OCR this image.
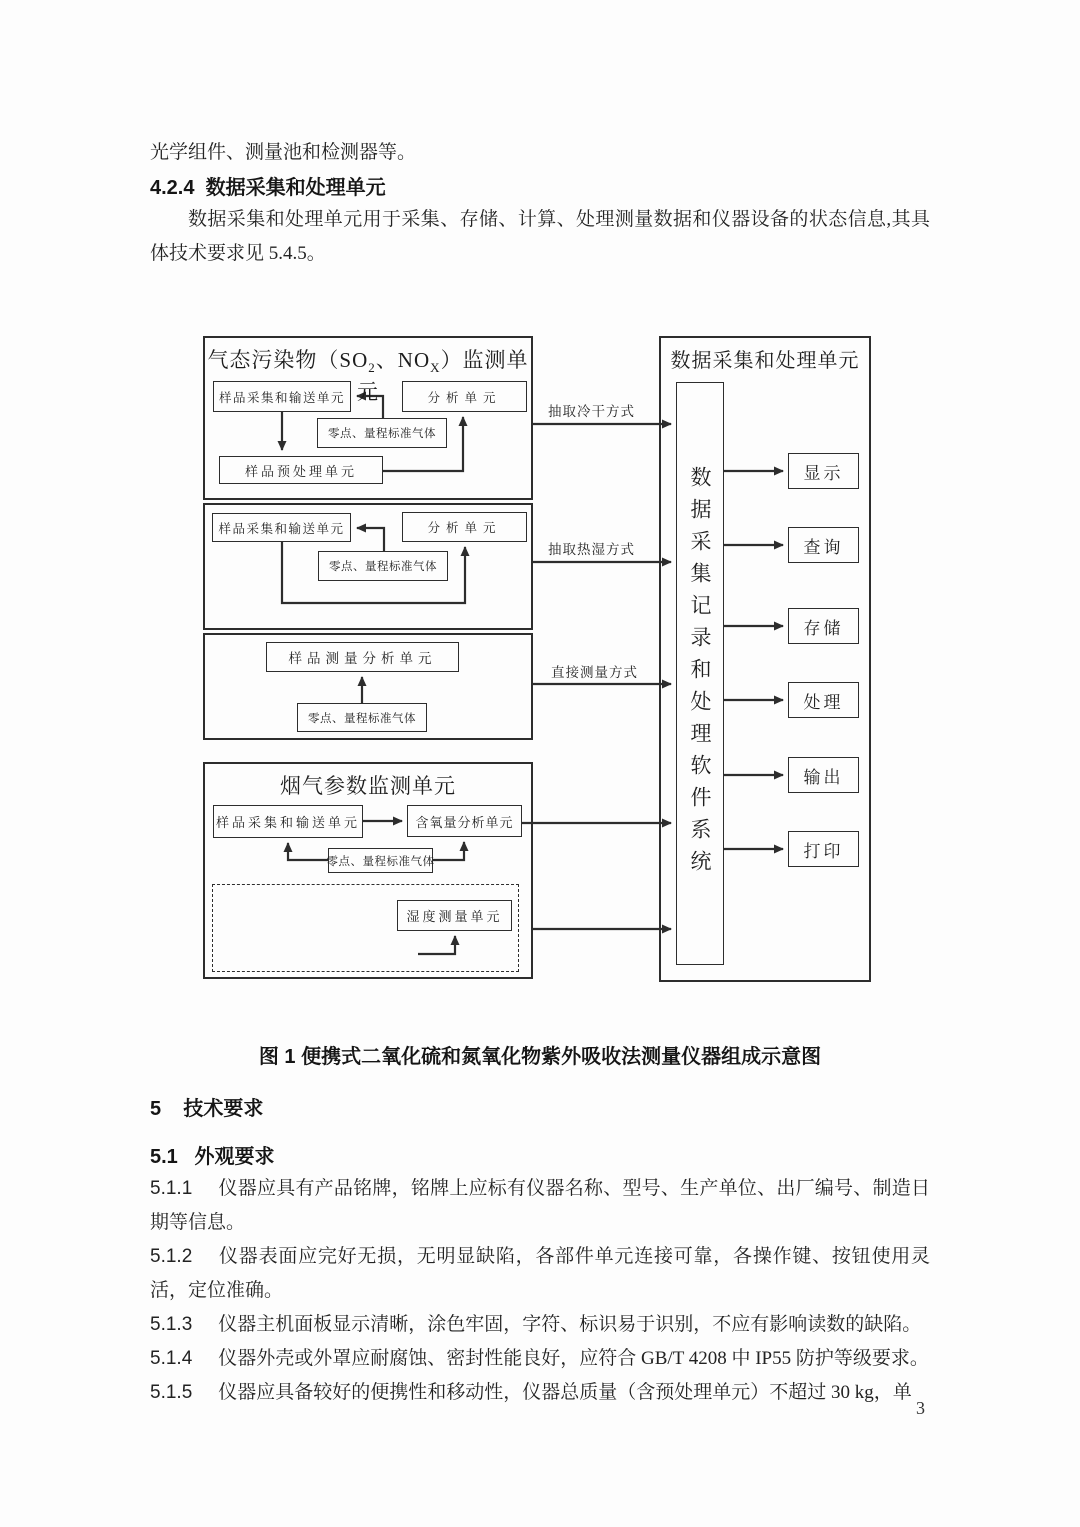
光学组件、测量池和检测器等。
4.2.4 数据采集和处理单元
数据采集和处理单元用于采集、存储、计算、处理测量数据和仪器设备的状态信息,其具体技术要求见 5.4.5。
气态污染物（$SO_2$、$NO_X$）监测单元
烟气参数监测单元
数据采集和处理单元
样品采集和输送单元	分析单元
零点、量程标准气体
样品预处理单元
样品采集和输送单元	分析单元
零点、量程标准气体
样品测量分析单元
零点、量程标准气体
样品采集和输送单元	含氧量分析单元
零点、量程标准气体
湿度测量单元
抽取冷干方式
抽取热湿方式
直接测量方式 数据采集记录和处理软件系统	显示
查询
存储
处理
输出
打印
图 1 便携式二氧化硫和氮氧化物紫外吸收法测量仪器组成示意图
5 技术要求
5.1 外观要求

5.1.1 仪器应具有产品铭牌，铭牌上应标有仪器名称、型号、生产单位、出厂编号、制造日期等信息。

5.1.2 仪器表面应完好无损，无明显缺陷，各部件单元连接可靠，各操作键、按钮使用灵活，定位准确。

5.1.3 仪器主机面板显示清晰，涂色牢固，字符、标识易于识别，不应有影响读数的缺陷。

5.1.4 仪器外壳或外罩应耐腐蚀、密封性能良好，应符合 GB/T 4208 中 IP55 防护等级要求。

5.1.5 仪器应具备较好的便携性和移动性，仪器总质量（含预处理单元）不超过 30 kg，单

3
